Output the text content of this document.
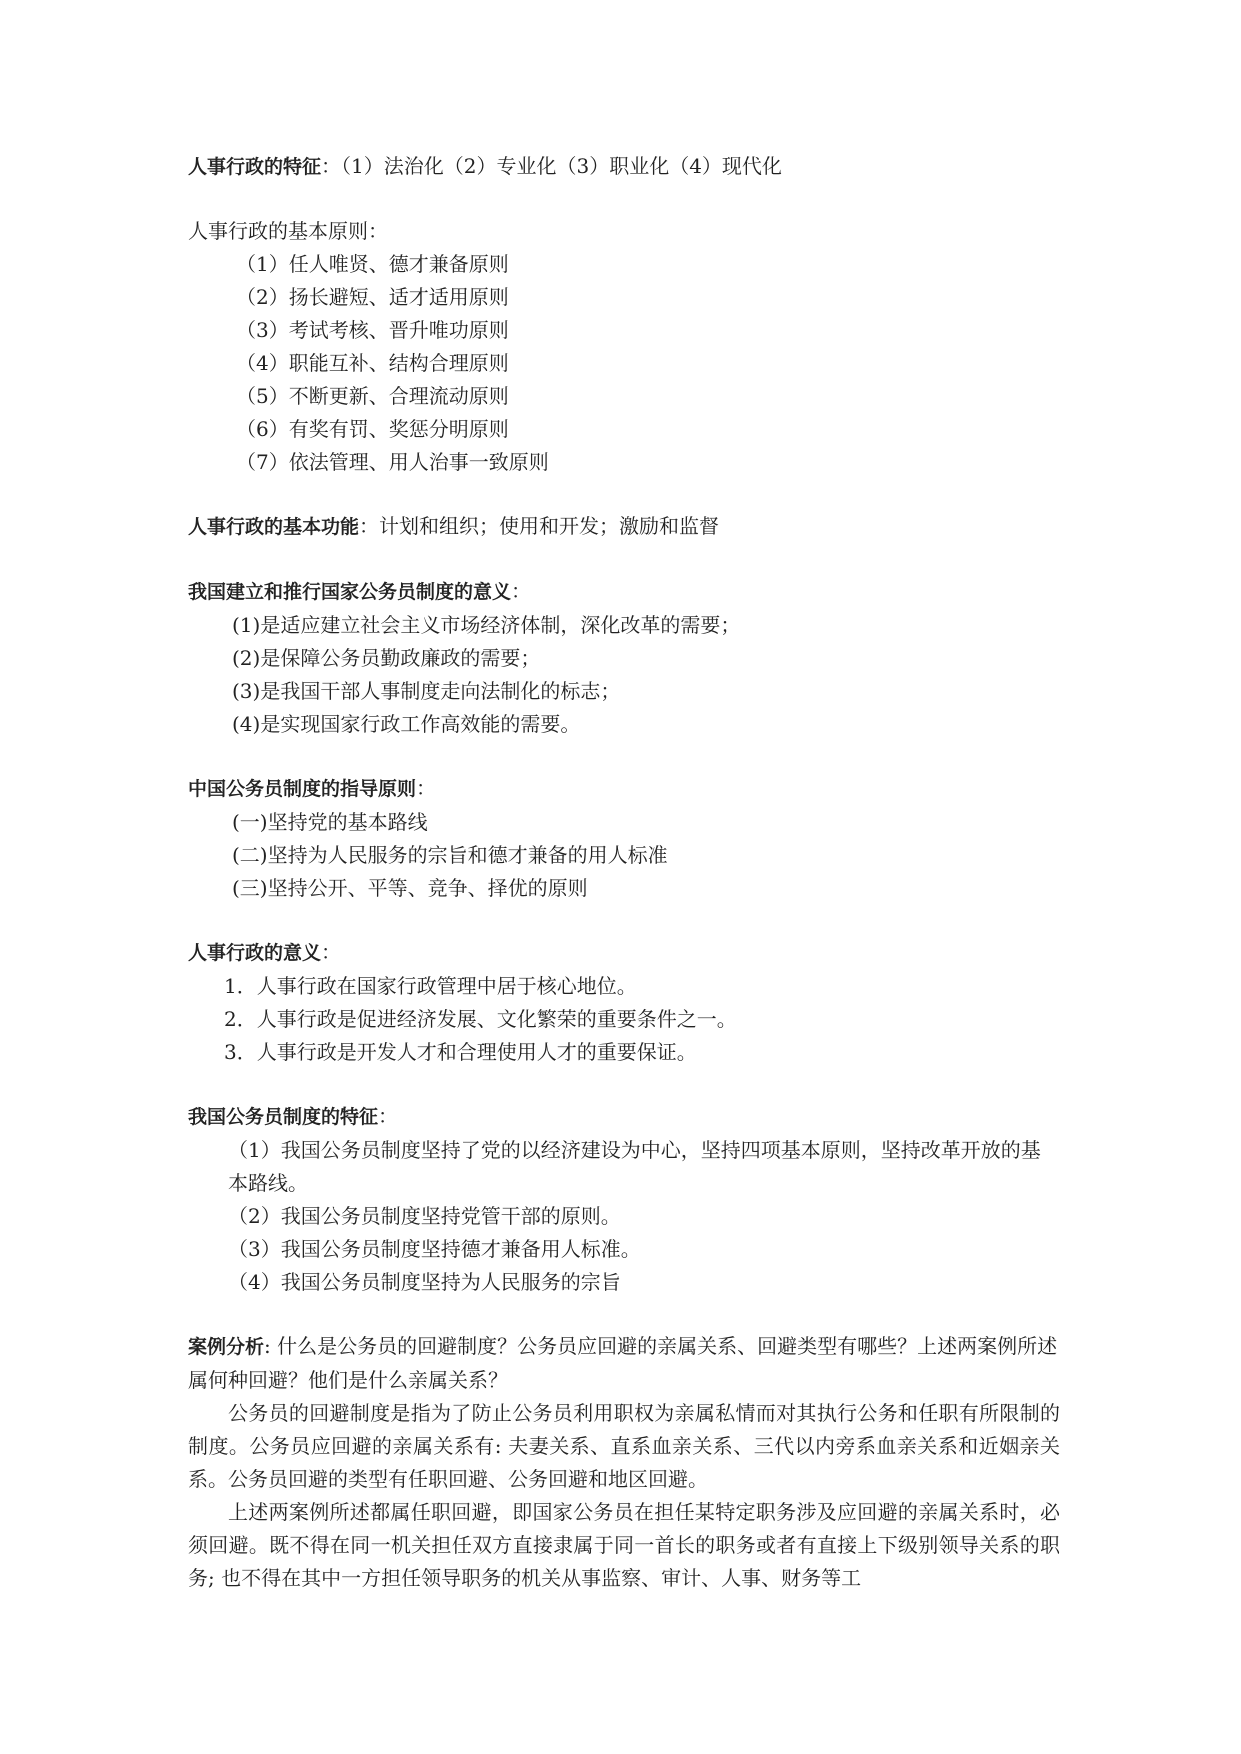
人事行政的特征：（1）法治化（2）专业化（3）职业化（4）现代化

人事行政的基本原则：

（1）任人唯贤、德才兼备原则

（2）扬长避短、适才适用原则

（3）考试考核、晋升唯功原则

（4）职能互补、结构合理原则

（5）不断更新、合理流动原则

（6）有奖有罚、奖惩分明原则

（7）依法管理、用人治事一致原则

人事行政的基本功能：计划和组织；使用和开发；激励和监督

我国建立和推行国家公务员制度的意义：

(1)是适应建立社会主义市场经济体制，深化改革的需要；

(2)是保障公务员勤政廉政的需要；

(3)是我国干部人事制度走向法制化的标志；

(4)是实现国家行政工作高效能的需要。

中国公务员制度的指导原则：

(一)坚持党的基本路线

(二)坚持为人民服务的宗旨和德才兼备的用人标准

(三)坚持公开、平等、竞争、择优的原则

人事行政的意义：

1．人事行政在国家行政管理中居于核心地位。

2．人事行政是促进经济发展、文化繁荣的重要条件之一。

3．人事行政是开发人才和合理使用人才的重要保证。

我国公务员制度的特征：

（1）我国公务员制度坚持了党的以经济建设为中心，坚持四项基本原则，坚持改革开放的基本路线。

（2）我国公务员制度坚持党管干部的原则。

（3）我国公务员制度坚持德才兼备用人标准。

（4）我国公务员制度坚持为人民服务的宗旨

案例分析: 什么是公务员的回避制度？公务员应回避的亲属关系、回避类型有哪些？上述两案例所述属何种回避？他们是什么亲属关系？

公务员的回避制度是指为了防止公务员利用职权为亲属私情而对其执行公务和任职有所限制的制度。公务员应回避的亲属关系有: 夫妻关系、直系血亲关系、三代以内旁系血亲关系和近姻亲关系。公务员回避的类型有任职回避、公务回避和地区回避。

上述两案例所述都属任职回避，即国家公务员在担任某特定职务涉及应回避的亲属关系时，必须回避。既不得在同一机关担任双方直接隶属于同一首长的职务或者有直接上下级别领导关系的职务; 也不得在其中一方担任领导职务的机关从事监察、审计、人事、财务等工
